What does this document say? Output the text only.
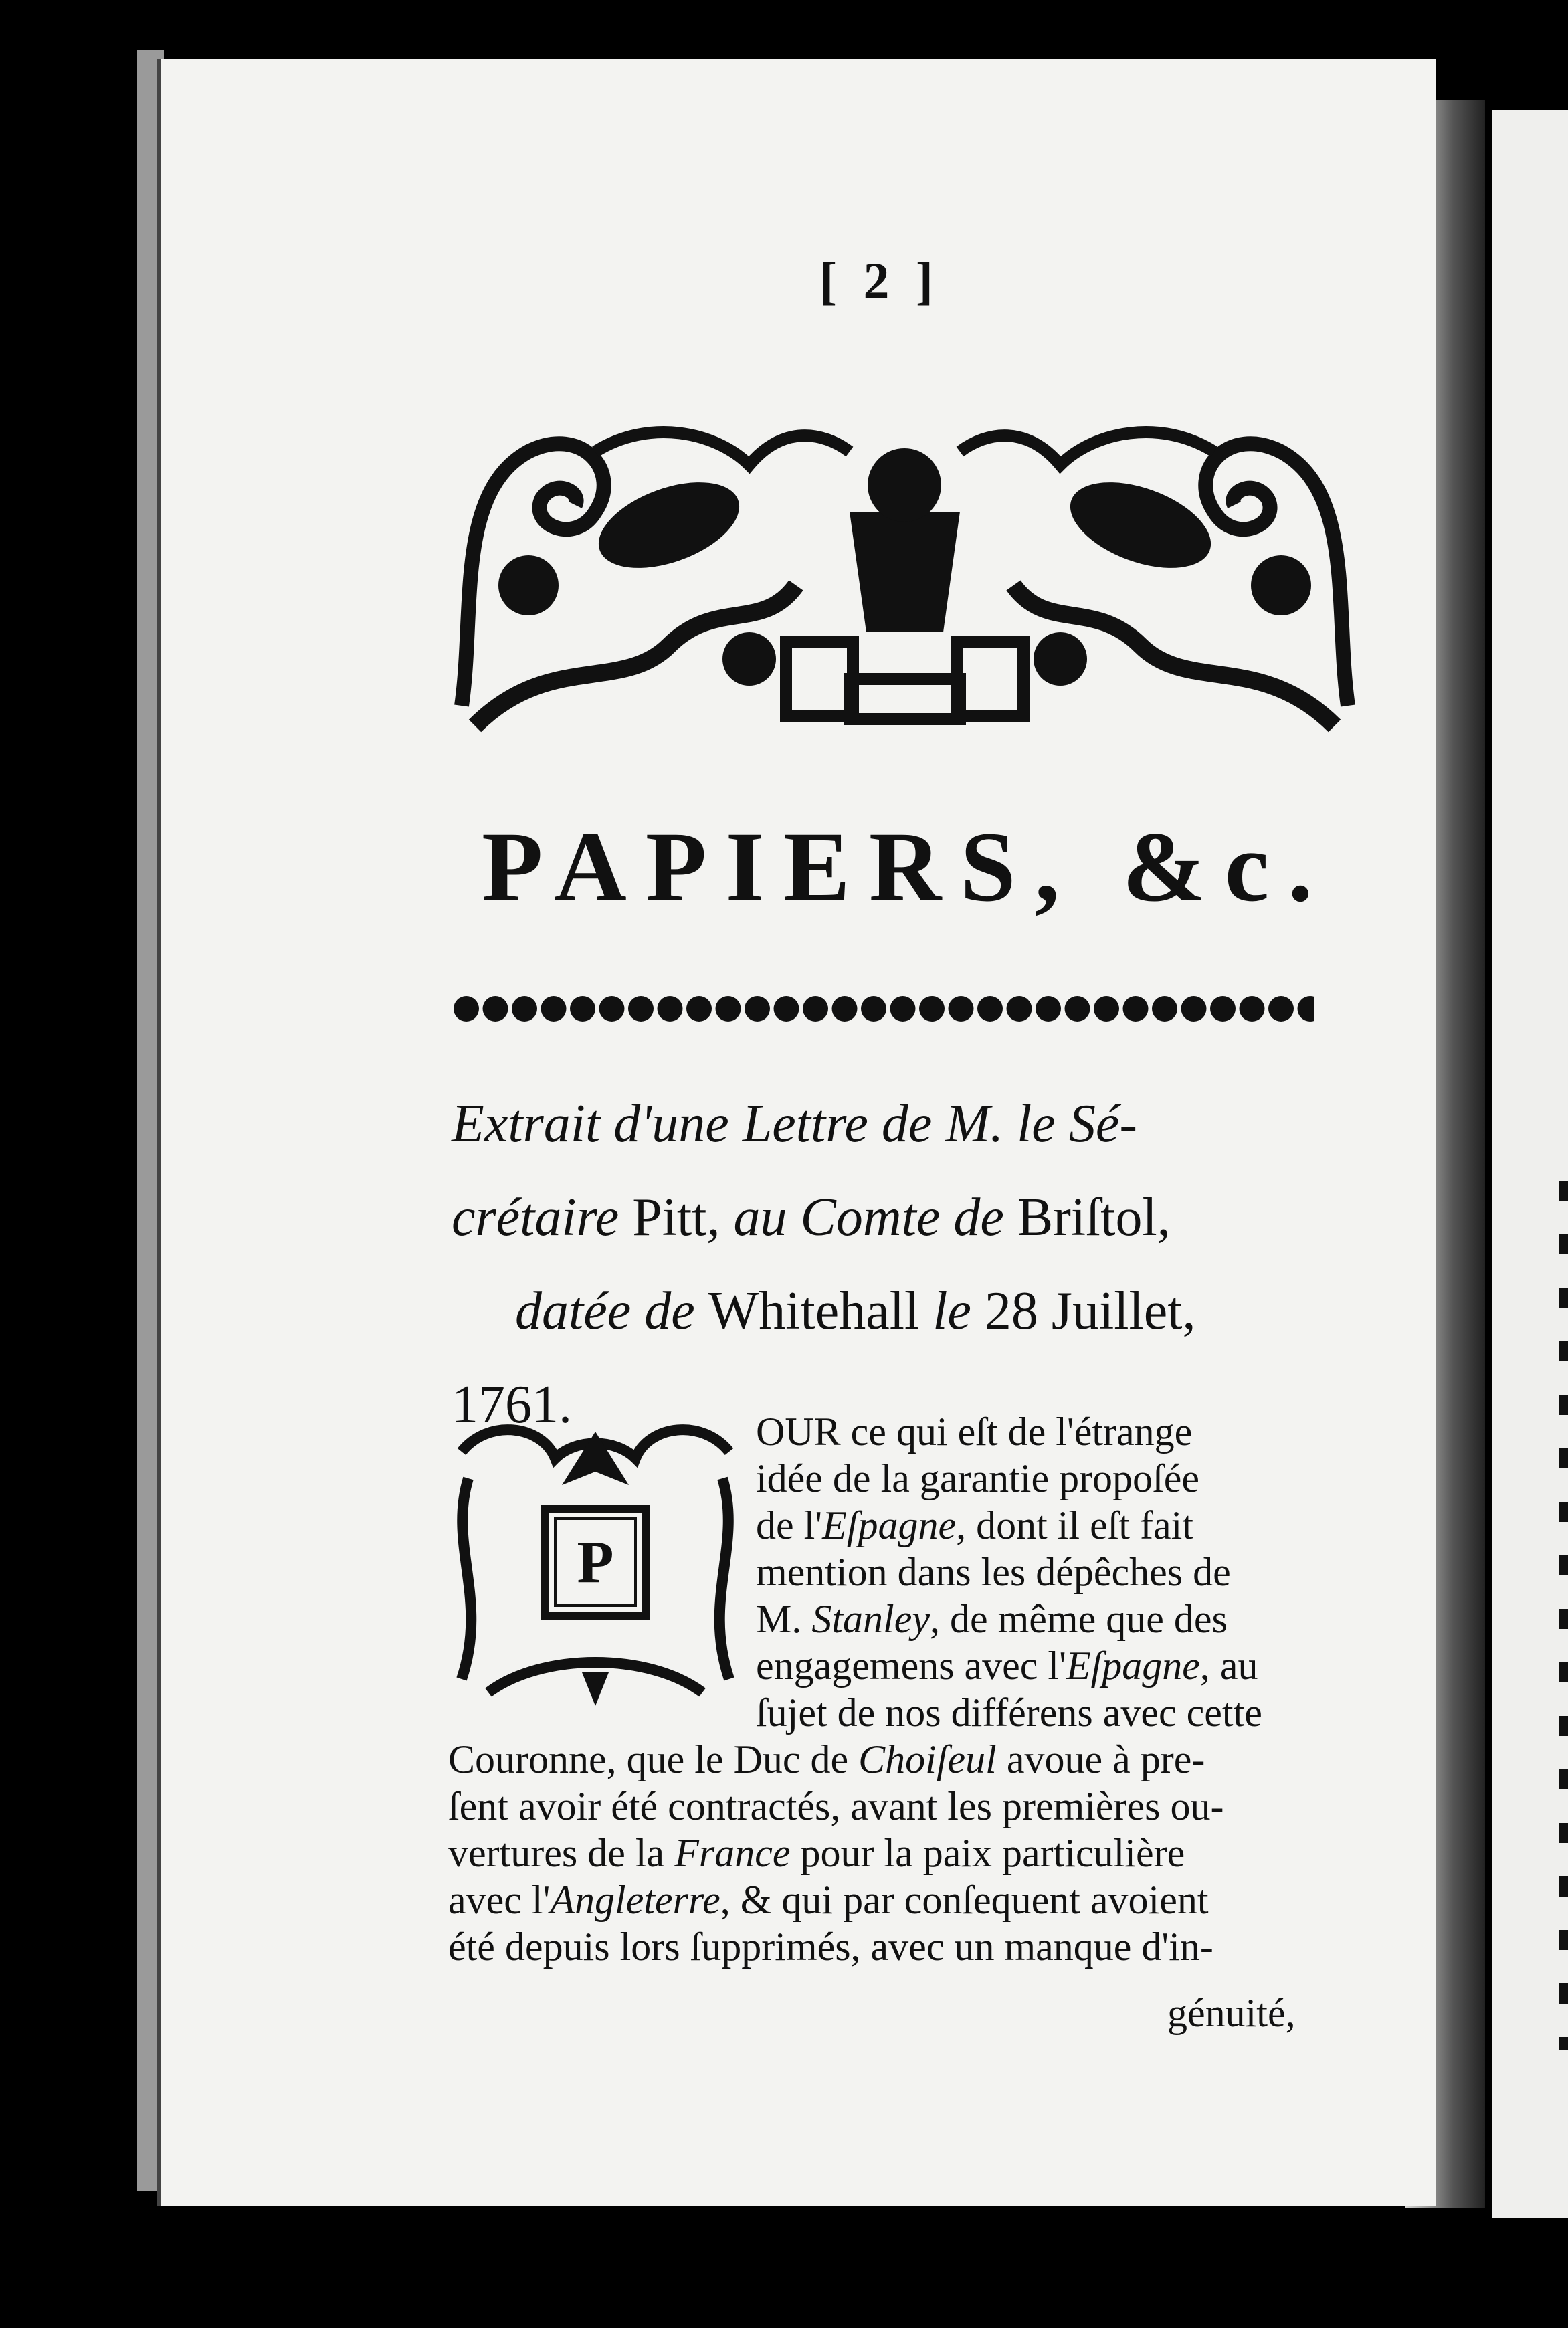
[ 2 ]
PAPIERS, &c.
Extrait d'une Lettre de M. le Sé-
crétaire Pitt, au Comte de Briſtol,
datée de Whitehall le 28 Juillet,
1761.
P
OUR ce qui eſt de l'étrange
idée de la garantie propoſée
de l'Eſpagne, dont il eſt fait
mention dans les dépêches de
M. Stanley, de même que des
engagemens avec l'Eſpagne, au
ſujet de nos différens avec cette
Couronne, que le Duc de Choiſeul avoue à pre-
ſent avoir été contractés, avant les premières ou-
vertures de la France pour la paix particulière
avec l'Angleterre, & qui par conſequent avoient
été depuis lors ſupprimés, avec un manque d'in-
génuité,
